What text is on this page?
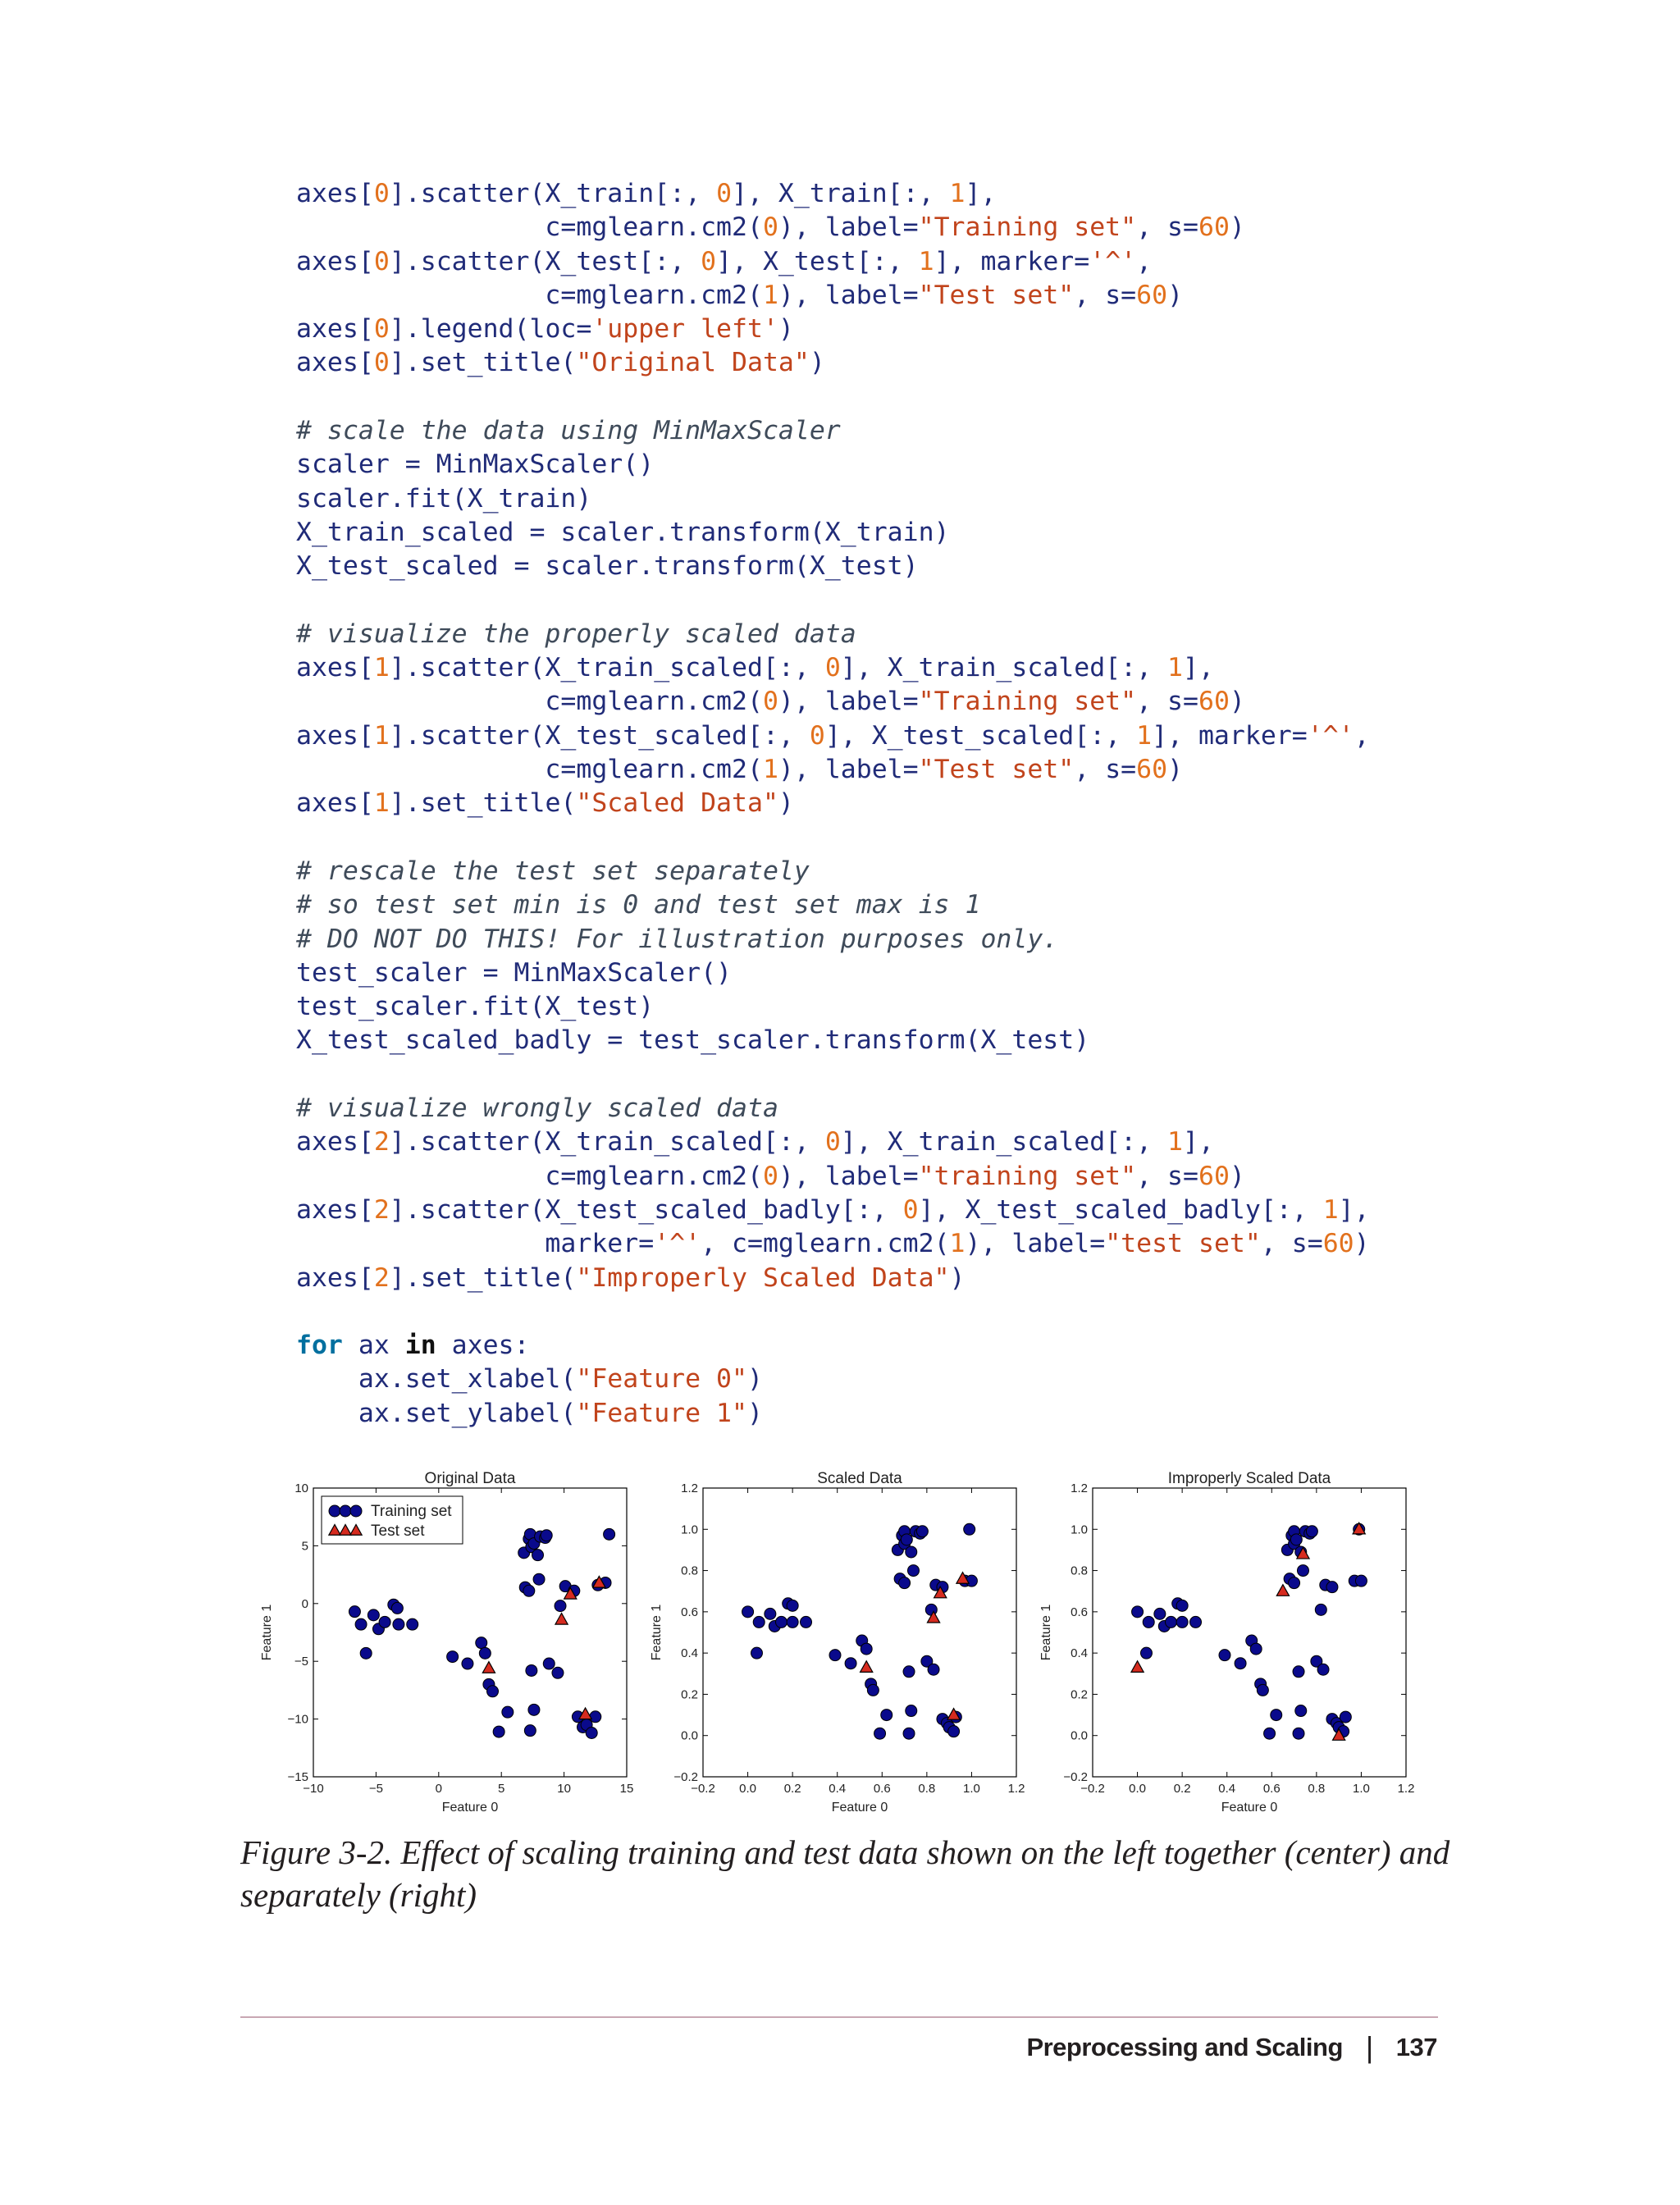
axes[0].scatter(X_train[:, 0], X_train[:, 1],
c=mglearn.cm2(0), label="Training set", s=60)
axes[0].scatter(X_test[:, 0], X_test[:, 1], marker='^',
c=mglearn.cm2(1), label="Test set", s=60)
axes[0].legend(loc='upper left')
axes[0].set_title("Original Data")
# scale the data using MinMaxScaler
scaler = MinMaxScaler()
scaler.fit(X_train)
X_train_scaled = scaler.transform(X_train)
X_test_scaled = scaler.transform(X_test)
# visualize the properly scaled data
axes[1].scatter(X_train_scaled[:, 0], X_train_scaled[:, 1],
c=mglearn.cm2(0), label="Training set", s=60)
axes[1].scatter(X_test_scaled[:, 0], X_test_scaled[:, 1], marker='^',
c=mglearn.cm2(1), label="Test set", s=60)
axes[1].set_title("Scaled Data")
# rescale the test set separately
# so test set min is 0 and test set max is 1
# DO NOT DO THIS! For illustration purposes only.
test_scaler = MinMaxScaler()
test_scaler.fit(X_test)
X_test_scaled_badly = test_scaler.transform(X_test)
# visualize wrongly scaled data
axes[2].scatter(X_train_scaled[:, 0], X_train_scaled[:, 1],
c=mglearn.cm2(0), label="training set", s=60)
axes[2].scatter(X_test_scaled_badly[:, 0], X_test_scaled_badly[:, 1],
marker='^', c=mglearn.cm2(1), label="test set", s=60)
axes[2].set_title("Improperly Scaled Data")
for ax in axes:
ax.set_xlabel("Feature 0")
ax.set_ylabel("Feature 1")
−10	−5	0	5	10	15
−15
−10
−5
0
5
10
Original Data
Feature 0
Feature 1
Training set
Test set
−0.2 0.0 0.2 0.4 0.6 0.8 1.0 1.2
−0.2
0.0
0.2
0.4
0.6
0.8
1.0
1.2
Scaled Data
Feature 0
Feature 1
−0.2 0.0 0.2 0.4 0.6 0.8 1.0 1.2
−0.2
0.0
0.2
0.4
0.6
0.8
1.0
1.2
Improperly Scaled Data
Feature 0
Feature 1
Figure 3-2. Effect of scaling training and test data shown on the left together (center) and separately (right)
Preprocessing and Scaling | 137
